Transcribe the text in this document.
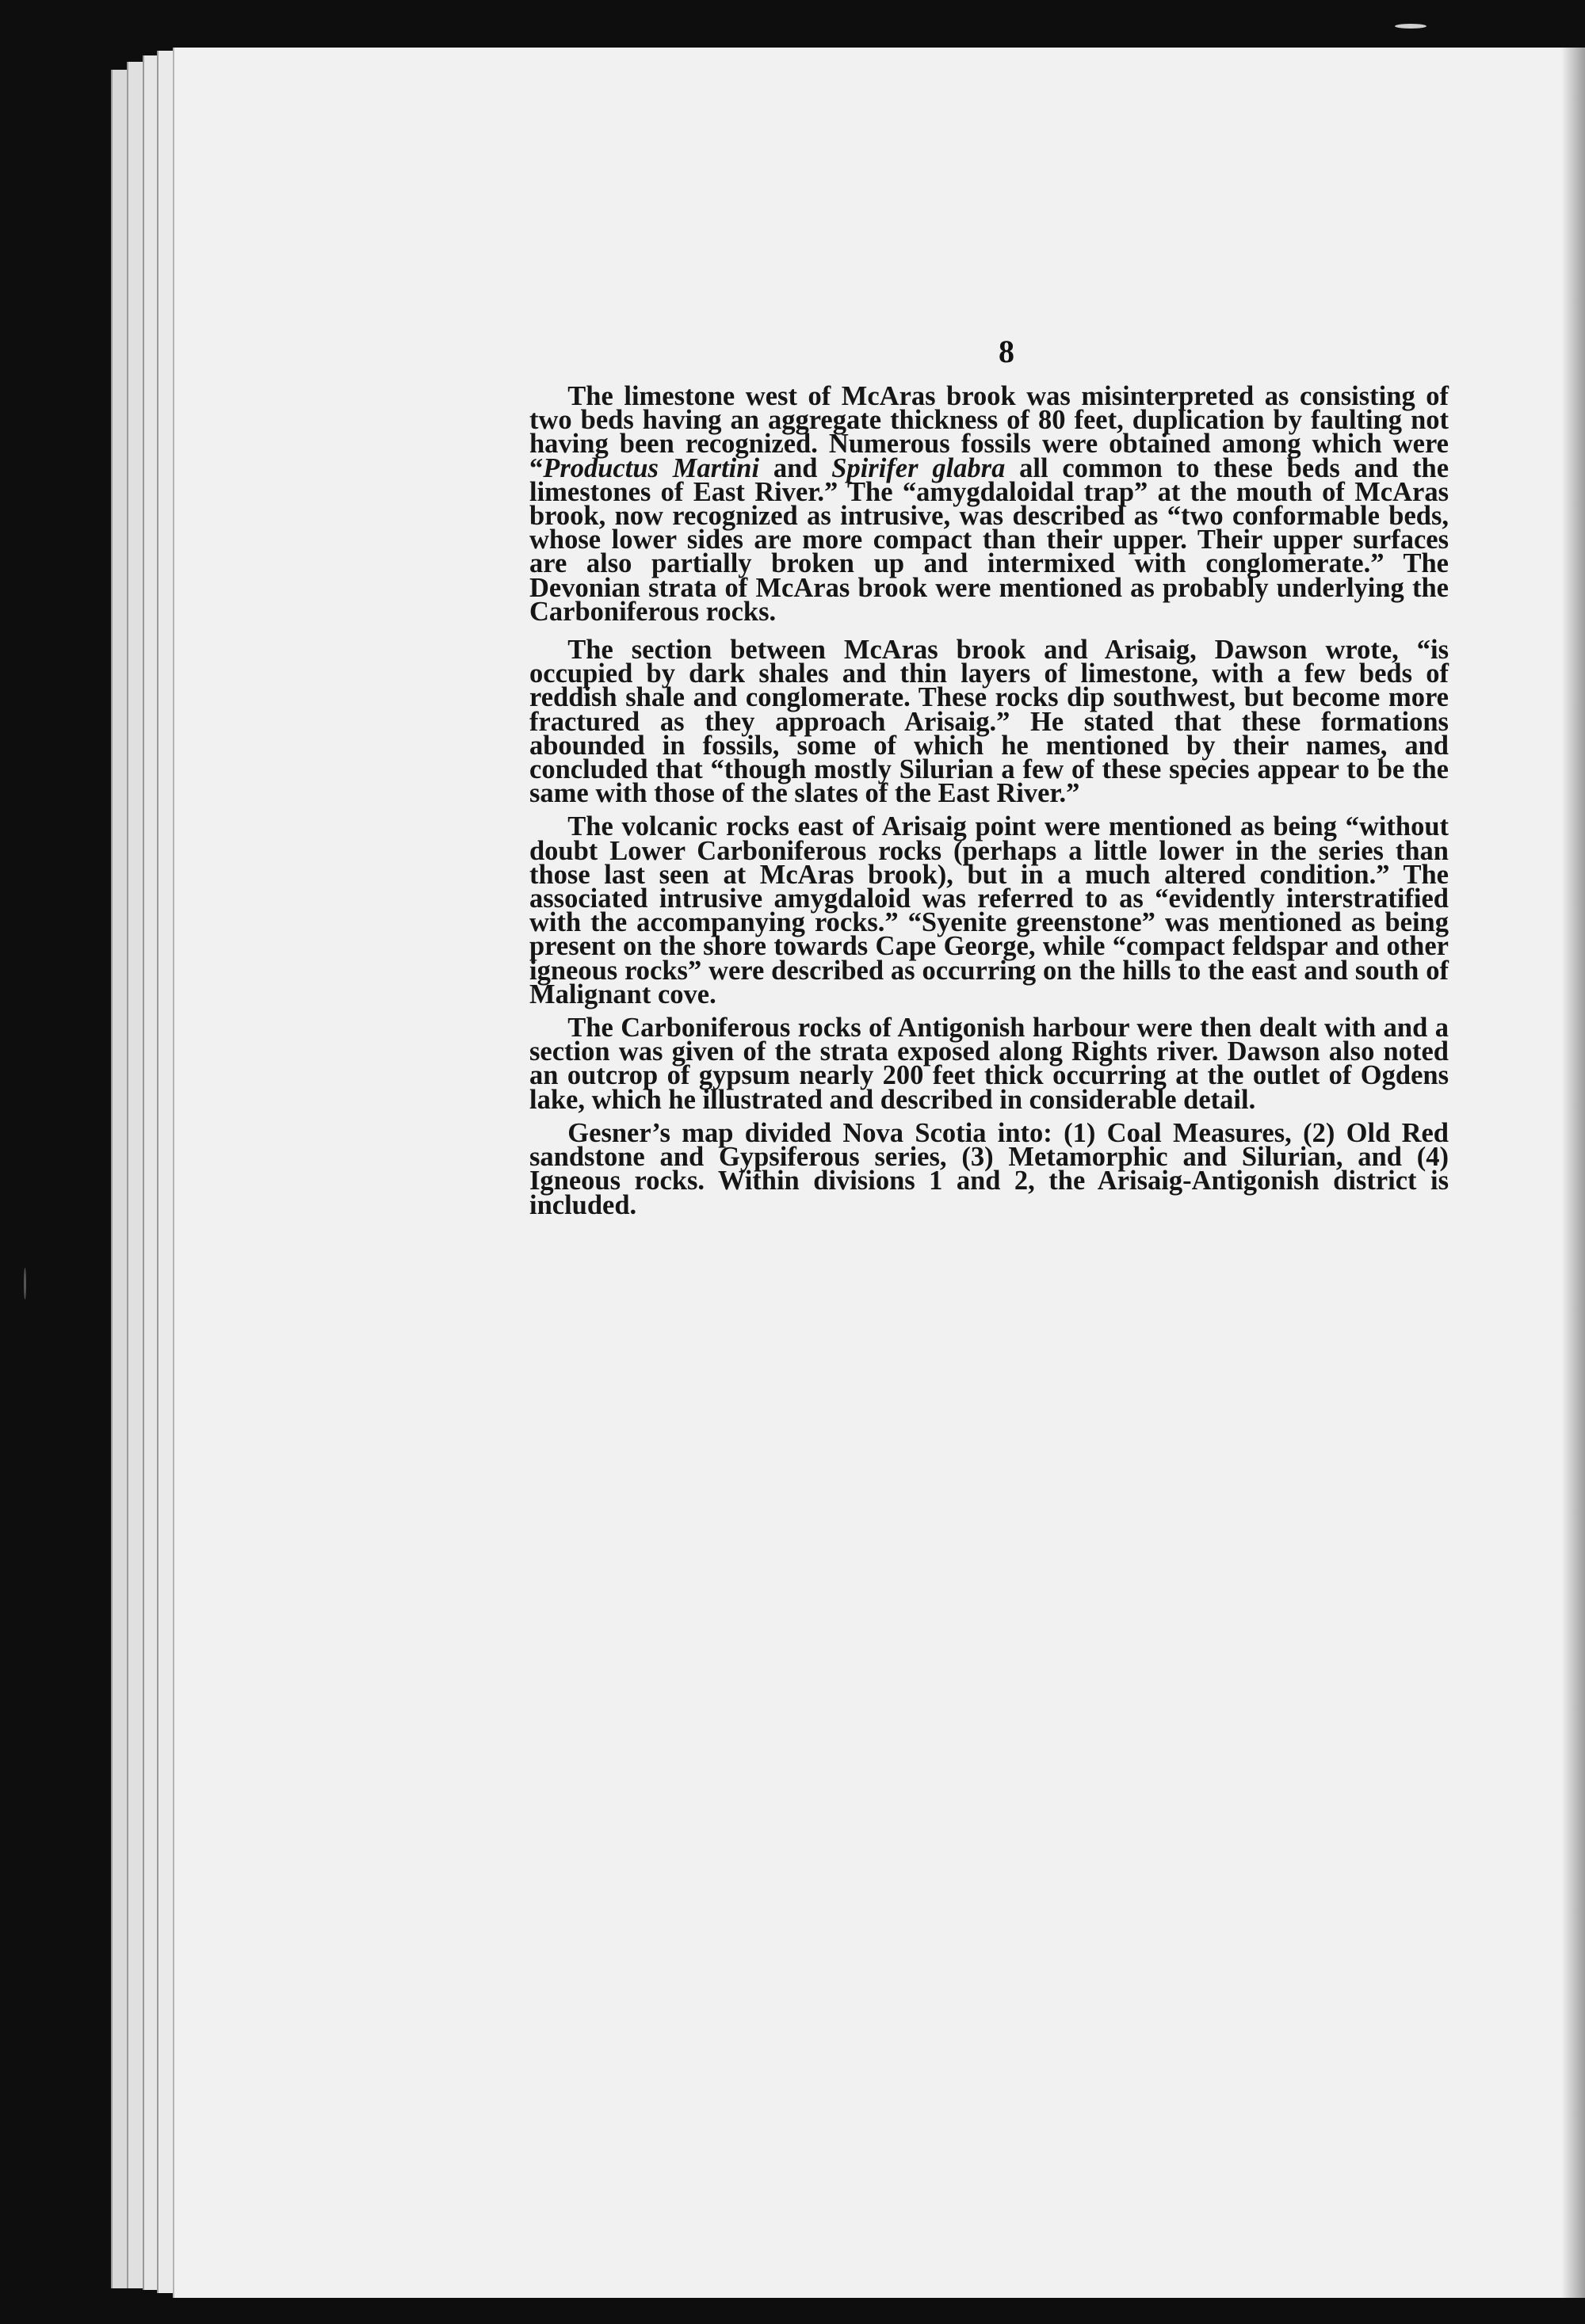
8

The limestone west of McAras brook was misinterpreted as consisting of two beds having an aggregate thickness of 80 feet, duplication by faulting not having been recognized. Numerous fossils were obtained among which were “Productus Martini and Spirifer glabra all common to these beds and the limestones of East River.” The “amygdaloidal trap” at the mouth of McAras brook, now recognized as intrusive, was described as “two conformable beds, whose lower sides are more compact than their upper. Their upper surfaces are also partially broken up and intermixed with conglomerate.” The Devonian strata of McAras brook were mentioned as probably underlying the Carboniferous rocks.

The section between McAras brook and Arisaig, Dawson wrote, “is occupied by dark shales and thin layers of limestone, with a few beds of reddish shale and conglomerate. These rocks dip southwest, but become more fractured as they approach Arisaig.” He stated that these formations abounded in fossils, some of which he mentioned by their names, and concluded that “though mostly Silurian a few of these species appear to be the same with those of the slates of the East River.”

The volcanic rocks east of Arisaig point were mentioned as being “without doubt Lower Carboniferous rocks (perhaps a little lower in the series than those last seen at McAras brook), but in a much altered condition.” The associated intrusive amygdaloid was referred to as “evidently interstratified with the accompanying rocks.” “Syenite greenstone” was mentioned as being present on the shore towards Cape George, while “compact feldspar and other igneous rocks” were described as occurring on the hills to the east and south of Malignant cove.

The Carboniferous rocks of Antigonish harbour were then dealt with and a section was given of the strata exposed along Rights river. Dawson also noted an outcrop of gypsum nearly 200 feet thick occurring at the outlet of Ogdens lake, which he illustrated and described in considerable detail.

Gesner’s map divided Nova Scotia into: (1) Coal Measures, (2) Old Red sandstone and Gypsiferous series, (3) Metamorphic and Silurian, and (4) Igneous rocks. Within divisions 1 and 2, the Arisaig-Antigonish district is included.
